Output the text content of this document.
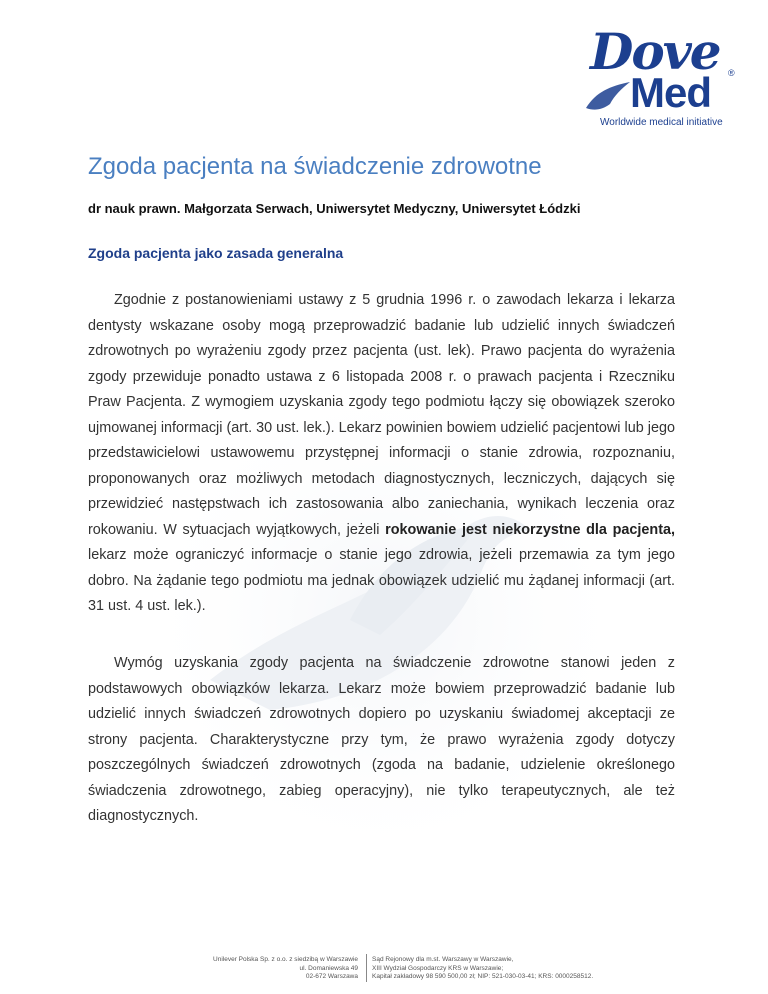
Dove ®
Med
Worldwide medical initiative
Zgoda pacjenta na świadczenie zdrowotne
dr nauk prawn. Małgorzata Serwach, Uniwersytet Medyczny, Uniwersytet Łódzki
Zgoda pacjenta jako zasada generalna

Zgodnie z postanowieniami ustawy z 5 grudnia 1996 r. o zawodach lekarza i lekarza dentysty wskazane osoby mogą przeprowadzić badanie lub udzielić innych świadczeń zdrowotnych po wyrażeniu zgody przez pacjenta (ust. lek). Prawo pacjenta do wyrażenia zgody przewiduje ponadto ustawa z 6 listopada 2008 r. o prawach pacjenta i Rzeczniku Praw Pacjenta. Z wymogiem uzyskania zgody tego podmiotu łączy się obowiązek szeroko ujmowanej informacji (art. 30 ust. lek.). Lekarz powinien bowiem udzielić pacjentowi lub jego przedstawicielowi ustawowemu przystępnej informacji o stanie zdrowia, rozpoznaniu, proponowanych oraz możliwych metodach diagnostycznych, leczniczych, dających się przewidzieć następstwach ich zastosowania albo zaniechania, wynikach leczenia oraz rokowaniu. W sytuacjach wyjątkowych, jeżeli rokowanie jest niekorzystne dla pacjenta, lekarz może ograniczyć informacje o stanie jego zdrowia, jeżeli przemawia za tym jego dobro. Na żądanie tego podmiotu ma jednak obowiązek udzielić mu żądanej informacji (art. 31 ust. 4 ust. lek.).

Wymóg uzyskania zgody pacjenta na świadczenie zdrowotne stanowi jeden z podstawowych obowiązków lekarza. Lekarz może bowiem przeprowadzić badanie lub udzielić innych świadczeń zdrowotnych dopiero po uzyskaniu świadomej akceptacji ze strony pacjenta. Charakterystyczne przy tym, że prawo wyrażenia zgody dotyczy poszczególnych świadczeń zdrowotnych (zgoda na badanie, udzielenie określonego świadczenia zdrowotnego, zabieg operacyjny), nie tylko terapeutycznych, ale też diagnostycznych.

Unilever Polska Sp. z o.o. z siedzibą w Warszawie
ul. Domaniewska 49
02-672 Warszawa
Sąd Rejonowy dla m.st. Warszawy w Warszawie,
XIII Wydział Gospodarczy KRS w Warszawie;
Kapitał zakładowy 98 590 500,00 zł; NIP: 521-030-03-41; KRS: 0000258512.
